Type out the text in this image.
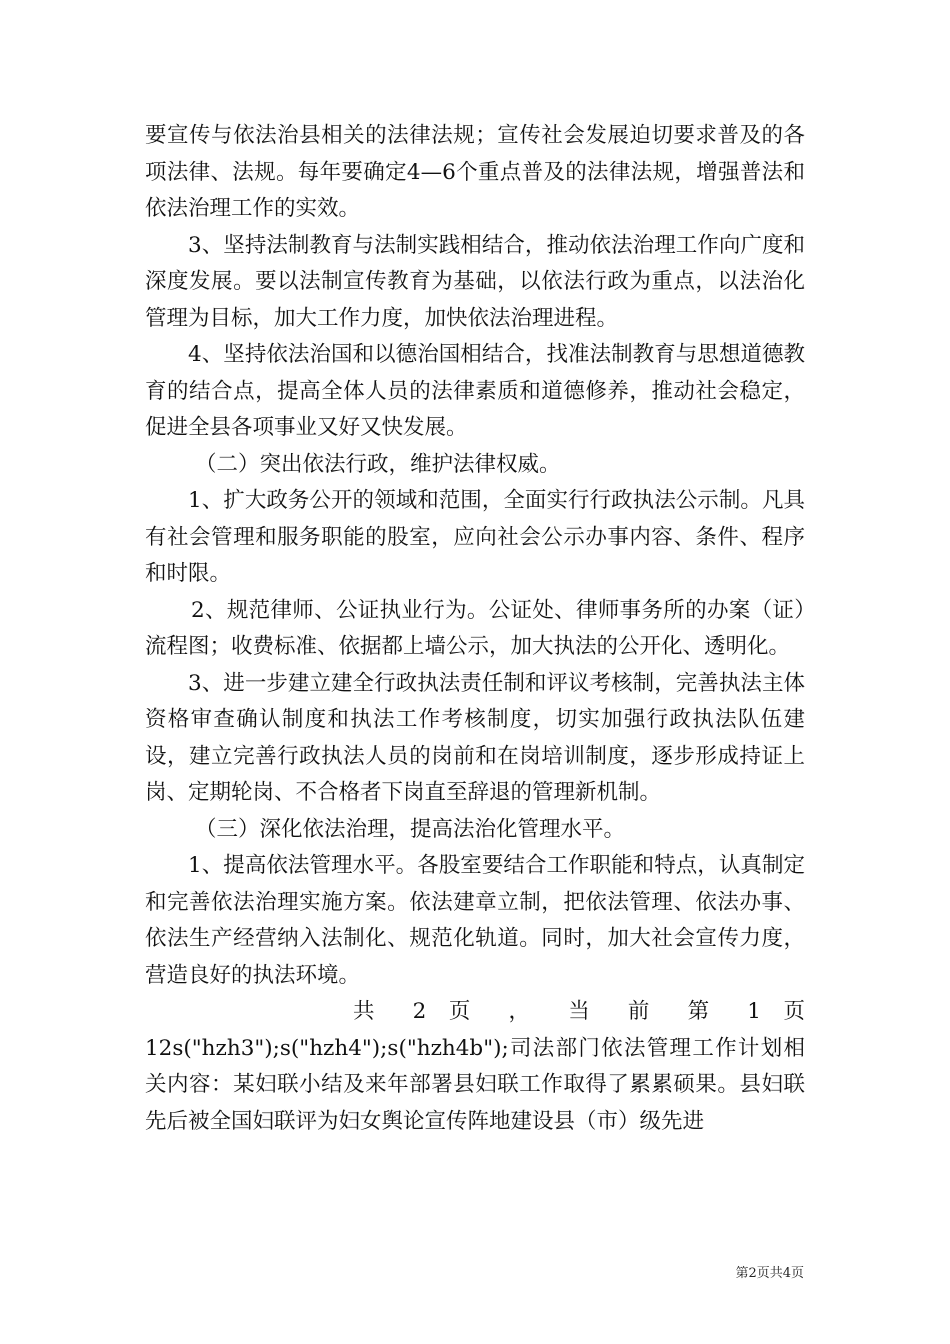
要宣传与依法治县相关的法律法规；宣传社会发展迫切要求普及的各项法律、法规。每年要确定4—6个重点普及的法律法规，增强普法和依法治理工作的实效。

3、坚持法制教育与法制实践相结合，推动依法治理工作向广度和深度发展。要以法制宣传教育为基础，以依法行政为重点，以法治化管理为目标，加大工作力度，加快依法治理进程。

4、坚持依法治国和以德治国相结合，找准法制教育与思想道德教育的结合点，提高全体人员的法律素质和道德修养，推动社会稳定，促进全县各项事业又好又快发展。

（二）突出依法行政，维护法律权威。

1、扩大政务公开的领域和范围，全面实行行政执法公示制。凡具有社会管理和服务职能的股室，应向社会公示办事内容、条件、程序和时限。

2、规范律师、公证执业行为。公证处、律师事务所的办案（证）流程图；收费标准、依据都上墙公示，加大执法的公开化、透明化。

3、进一步建立建全行政执法责任制和评议考核制，完善执法主体资格审查确认制度和执法工作考核制度，切实加强行政执法队伍建设，建立完善行政执法人员的岗前和在岗培训制度，逐步形成持证上岗、定期轮岗、不合格者下岗直至辞退的管理新机制。

（三）深化依法治理，提高法治化管理水平。

1、提高依法管理水平。各股室要结合工作职能和特点，认真制定和完善依法治理实施方案。依法建章立制，把依法管理、依法办事、依法生产经营纳入法制化、规范化轨道。同时，加大社会宣传力度，营造良好的执法环境。

共 2 页 ， 当 前 第 1 页

12s("hzh3");s("hzh4");s("hzh4b");司法部门依法管理工作计划相关内容：某妇联小结及来年部署县妇联工作取得了累累硕果。县妇联先后被全国妇联评为妇女舆论宣传阵地建设县（市）级先进

第2页共4页
